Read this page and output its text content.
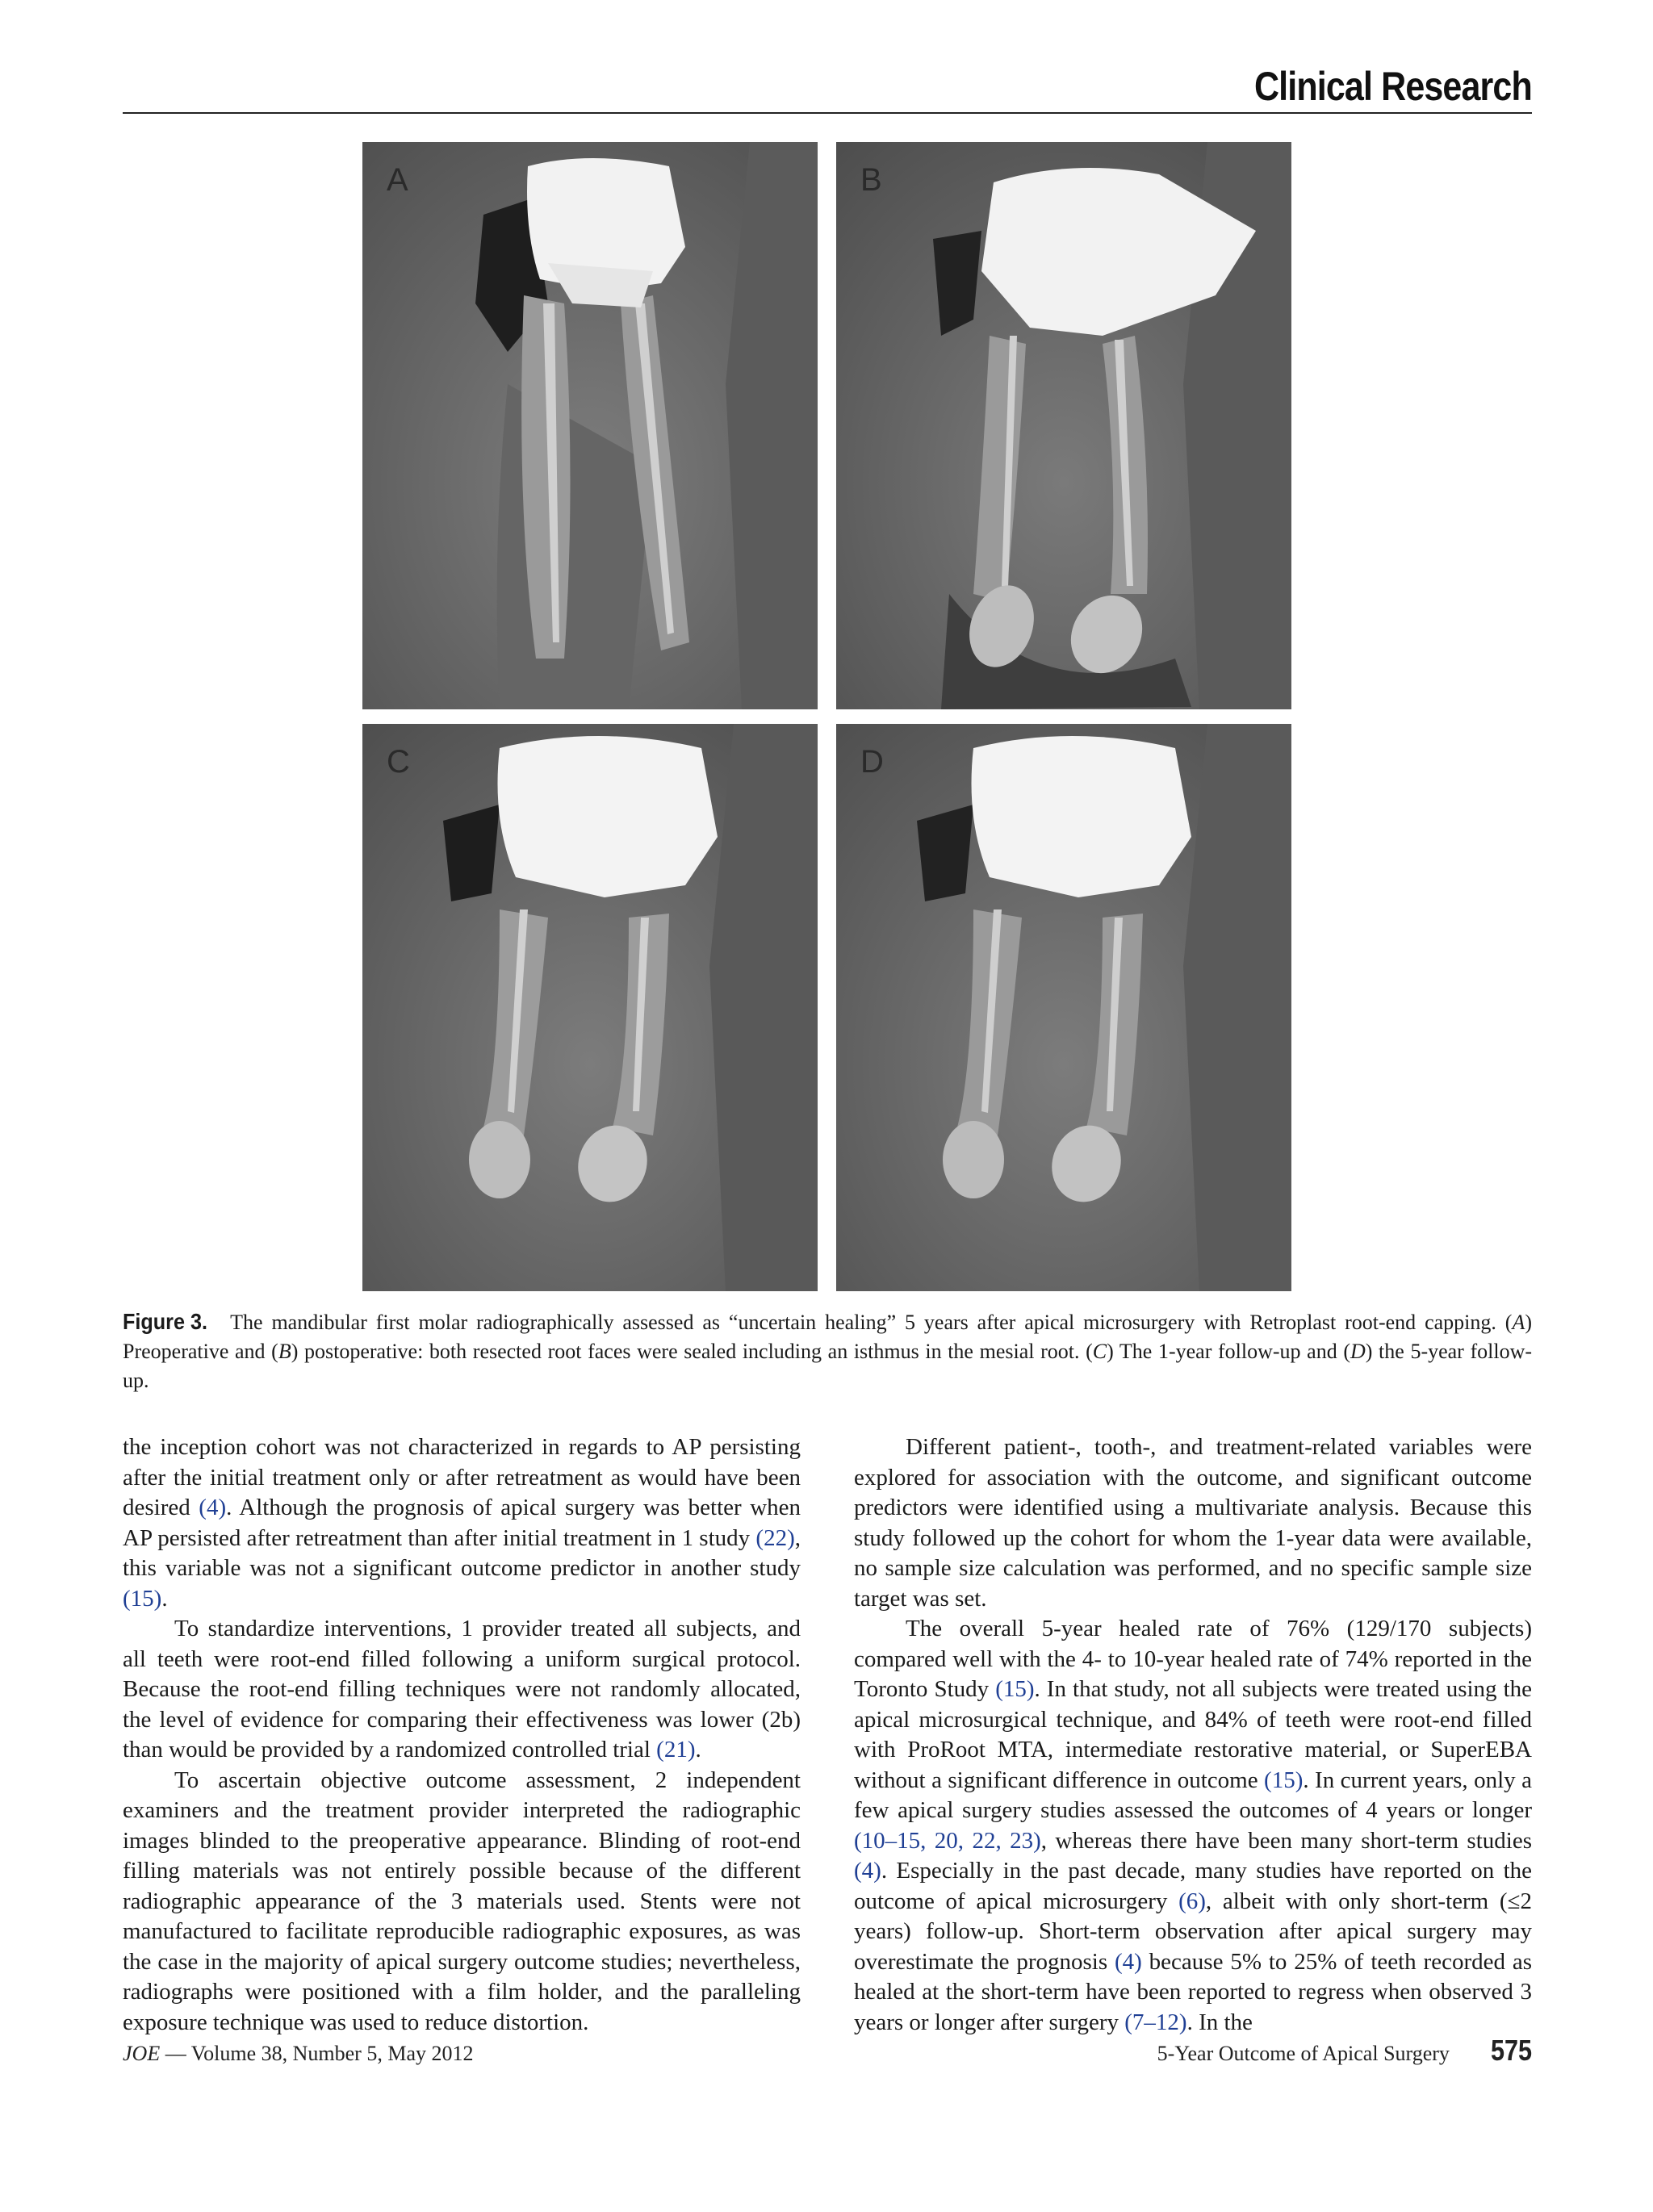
Clinical Research
A	B
C	D

Figure 3. The mandibular first molar radiographically assessed as “uncertain healing” 5 years after apical microsurgery with Retroplast root-end capping. (A) Preoperative and (B) postoperative: both resected root faces were sealed including an isthmus in the mesial root. (C) The 1-year follow-up and (D) the 5-year follow-up.

the inception cohort was not characterized in regards to AP persisting after the initial treatment only or after retreatment as would have been desired (4). Although the prognosis of apical surgery was better when AP persisted after retreatment than after initial treatment in 1 study (22), this variable was not a significant outcome predictor in another study (15).

To standardize interventions, 1 provider treated all subjects, and all teeth were root-end filled following a uniform surgical protocol. Because the root-end filling techniques were not randomly allocated, the level of evidence for comparing their effectiveness was lower (2b) than would be provided by a randomized controlled trial (21).

To ascertain objective outcome assessment, 2 independent examiners and the treatment provider interpreted the radiographic images blinded to the preoperative appearance. Blinding of root-end filling materials was not entirely possible because of the different radiographic appearance of the 3 materials used. Stents were not manufactured to facilitate reproducible radiographic exposures, as was the case in the majority of apical surgery outcome studies; nevertheless, radiographs were positioned with a film holder, and the paralleling exposure technique was used to reduce distortion.

Different patient-, tooth-, and treatment-related variables were explored for association with the outcome, and significant outcome predictors were identified using a multivariate analysis. Because this study followed up the cohort for whom the 1-year data were available, no sample size calculation was performed, and no specific sample size target was set.

The overall 5-year healed rate of 76% (129/170 subjects) compared well with the 4- to 10-year healed rate of 74% reported in the Toronto Study (15). In that study, not all subjects were treated using the apical microsurgical technique, and 84% of teeth were root-end filled with ProRoot MTA, intermediate restorative material, or SuperEBA without a significant difference in outcome (15). In current years, only a few apical surgery studies assessed the outcomes of 4 years or longer (10–15, 20, 22, 23), whereas there have been many short-term studies (4). Especially in the past decade, many studies have reported on the outcome of apical microsurgery (6), albeit with only short-term (≤2 years) follow-up. Short-term observation after apical surgery may overestimate the prognosis (4) because 5% to 25% of teeth recorded as healed at the short-term have been reported to regress when observed 3 years or longer after surgery (7–12). In the

JOE — Volume 38, Number 5, May 2012	5-Year Outcome of Apical Surgery 575
